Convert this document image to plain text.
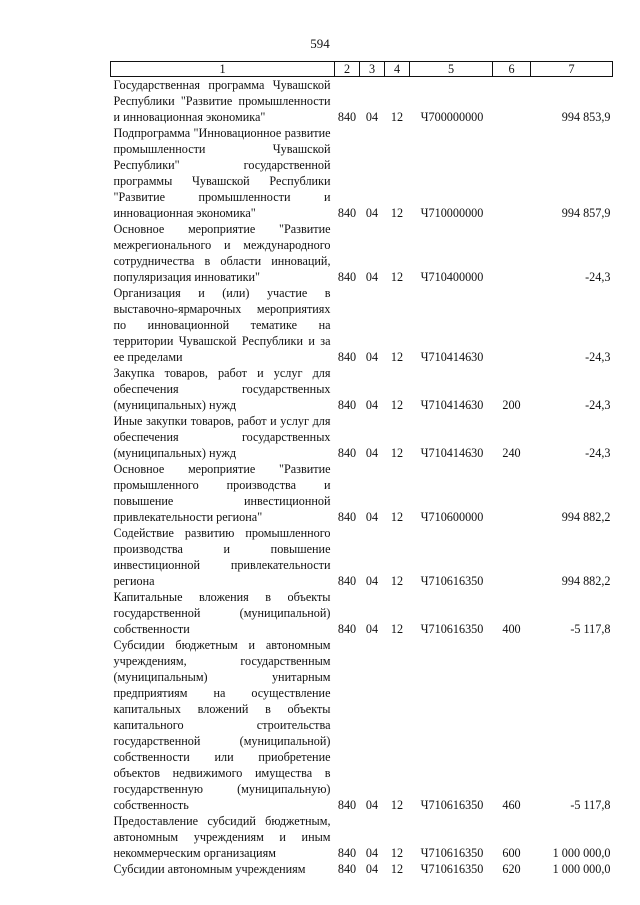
594
1	2	3	4	5	6	7
Государственная программа Чувашской Республики "Развитие промышленности и инновационная экономика"	840	04	12	Ч700000000		994 853,9
Подпрограмма "Инновационное развитие промышленности Чувашской Республики" государственной программы Чувашской Республики "Развитие промышленности и инновационная экономика"	840	04	12	Ч710000000		994 857,9
Основное мероприятие "Развитие межрегионального и международного сотрудничества в области инноваций, популяризация инноватики"	840	04	12	Ч710400000		-24,3
Организация и (или) участие в выставочно-ярмарочных мероприятиях по инновационной тематике на территории Чувашской Республики и за ее пределами	840	04	12	Ч710414630		-24,3
Закупка товаров, работ и услуг для обеспечения государственных (муниципальных) нужд	840	04	12	Ч710414630	200	-24,3
Иные закупки товаров, работ и услуг для обеспечения государственных (муниципальных) нужд	840	04	12	Ч710414630	240	-24,3
Основное мероприятие "Развитие промышленного производства и повышение инвестиционной привлекательности региона"	840	04	12	Ч710600000		994 882,2
Содействие развитию промышленного производства и повышение инвестиционной привлекательности региона	840	04	12	Ч710616350		994 882,2
Капитальные вложения в объекты государственной (муниципальной) собственности	840	04	12	Ч710616350	400	-5 117,8
Субсидии бюджетным и автономным учреждениям, государственным (муниципальным) унитарным предприятиям на осуществление капитальных вложений в объекты капитального строительства государственной (муниципальной) собственности или приобретение объектов недвижимого имущества в государственную (муниципальную) собственность	840	04	12	Ч710616350	460	-5 117,8
Предоставление субсидий бюджетным, автономным учреждениям и иным некоммерческим организациям	840	04	12	Ч710616350	600	1 000 000,0
Субсидии автономным учреждениям	840	04	12	Ч710616350	620	1 000 000,0
